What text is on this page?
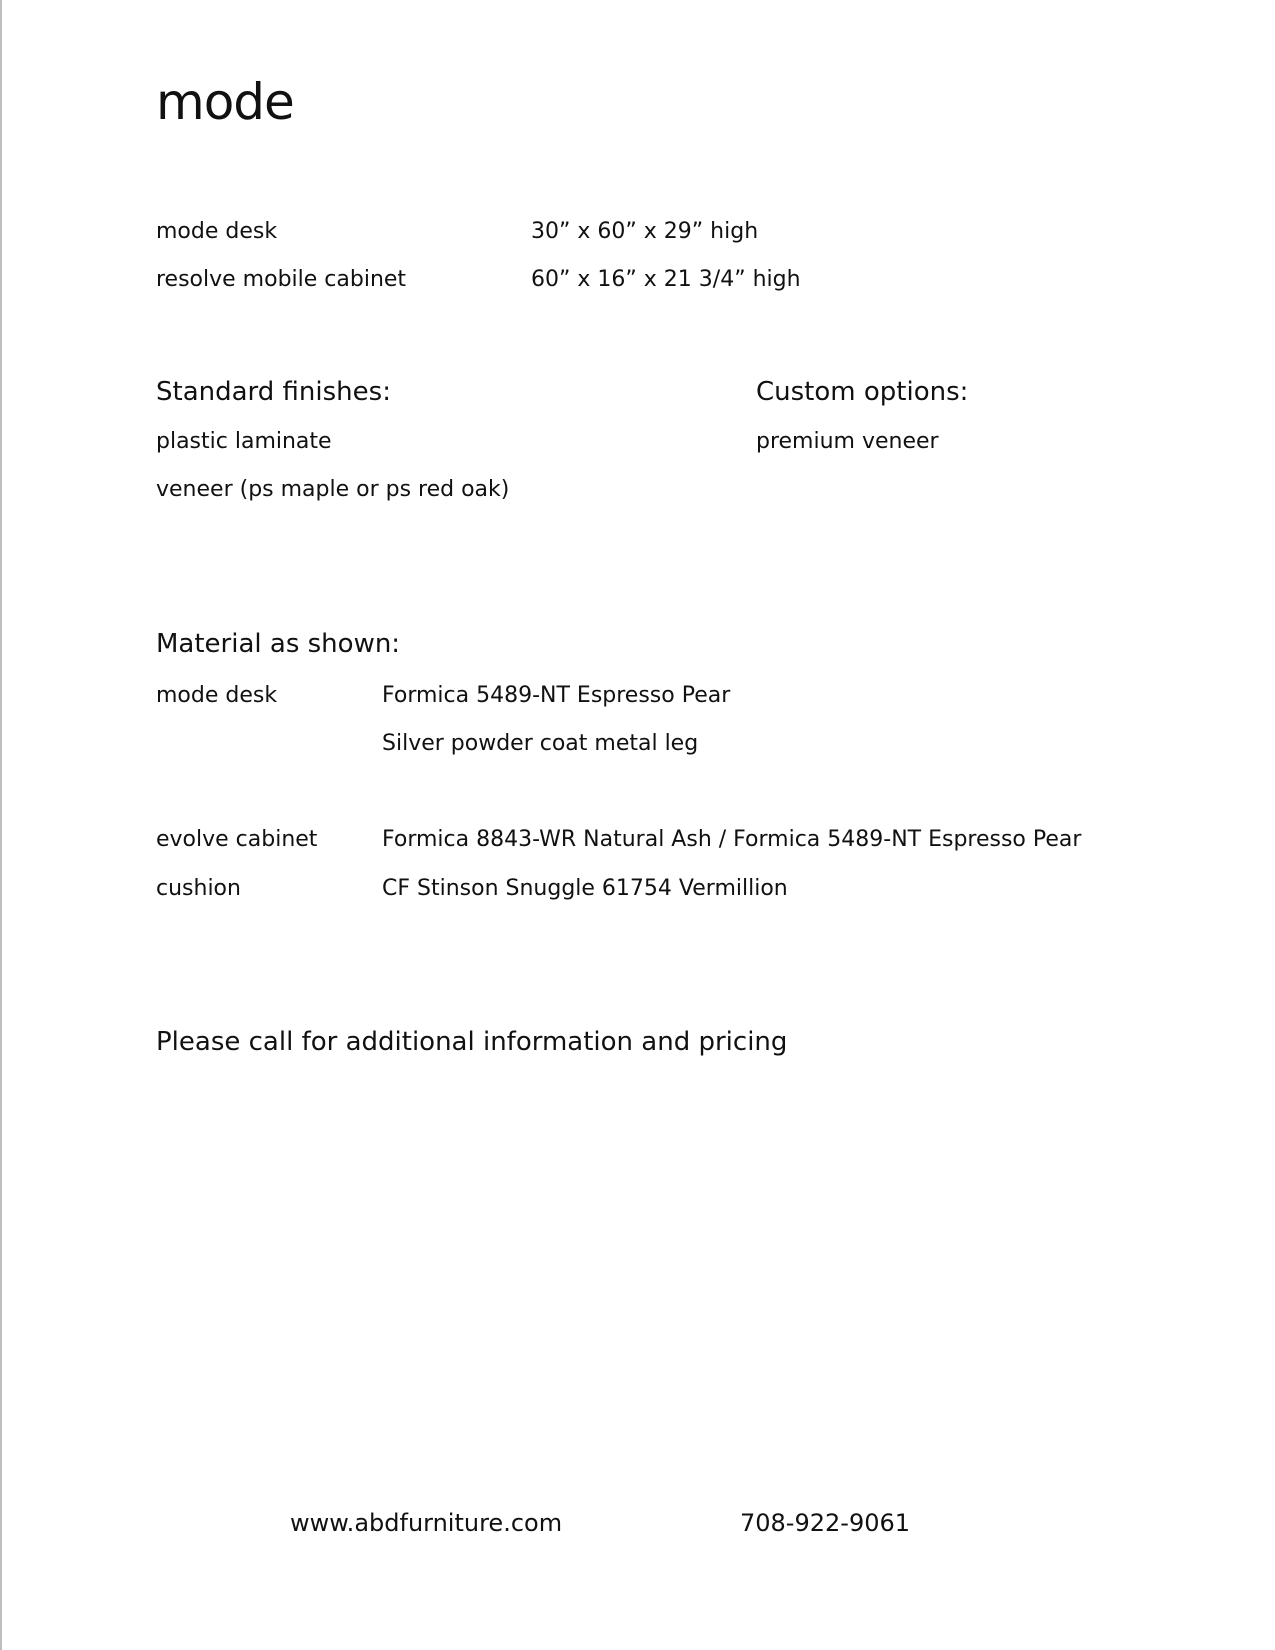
mode
mode desk	30” x 60” x 29” high
resolve mobile cabinet	60” x 16” x 21 3/4” high
Standard finishes:
plastic laminate
veneer (ps maple or ps red oak)
Custom options:
premium veneer
Material as shown:
mode desk	Formica 5489-NT Espresso Pear
Silver powder coat metal leg
evolve cabinet	Formica 8843-WR Natural Ash / Formica 5489-NT Espresso Pear
cushion	CF Stinson Snuggle 61754 Vermillion
Please call for additional information and pricing
www.abdfurniture.com	708-922-9061
